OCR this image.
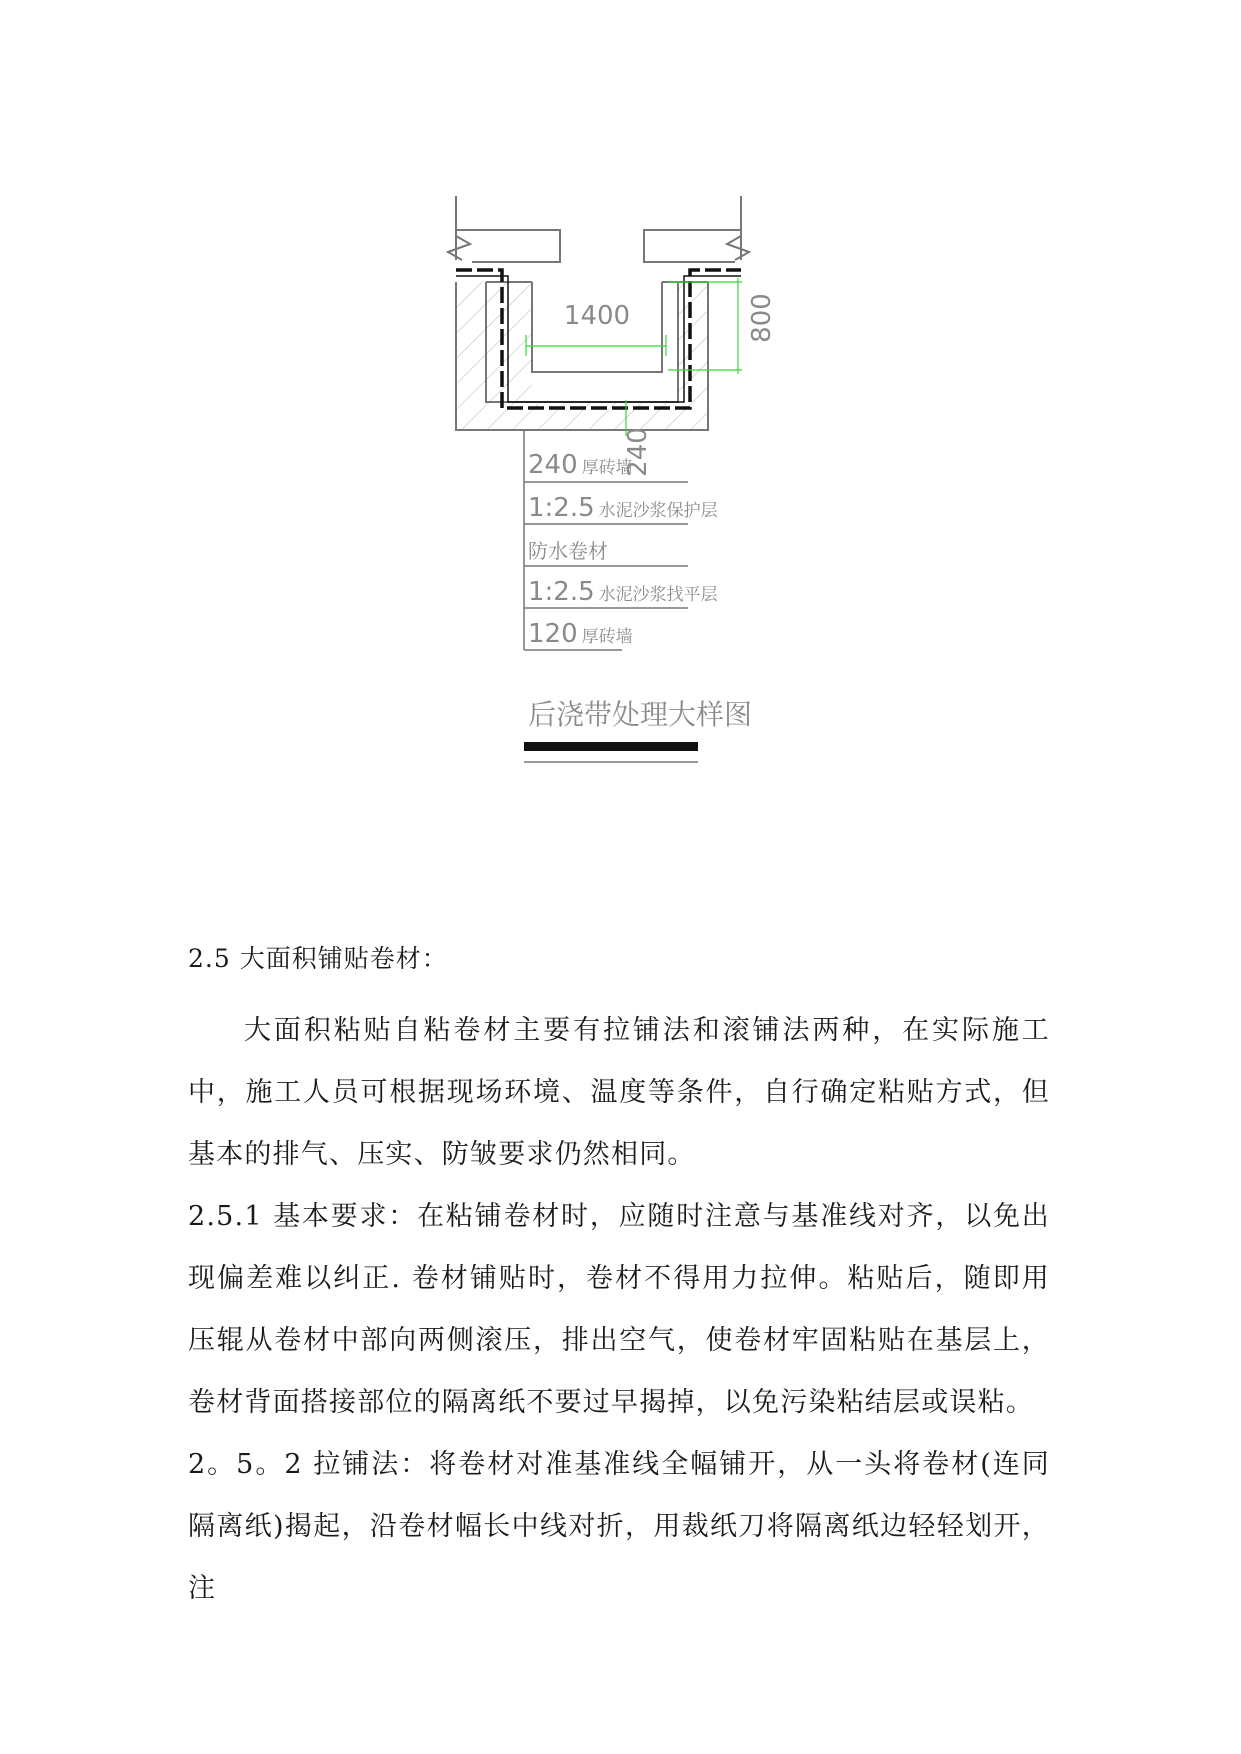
1400	800
240
240 厚砖墙
1:2.5 水泥沙浆保护层
防水卷材
1:2.5 水泥沙浆找平层
120 厚砖墙
后浇带处理大样图
2.5 大面积铺贴卷材：

大面积粘贴自粘卷材主要有拉铺法和滚铺法两种，在实际施工中，施工人员可根据现场环境、温度等条件，自行确定粘贴方式，但基本的排气、压实、防皱要求仍然相同。

2.5.1 基本要求：在粘铺卷材时，应随时注意与基准线对齐，以免出现偏差难以纠正. 卷材铺贴时，卷材不得用力拉伸。粘贴后，随即用压辊从卷材中部向两侧滚压，排出空气，使卷材牢固粘贴在基层上，卷材背面搭接部位的隔离纸不要过早揭掉，以免污染粘结层或误粘。

2。5。2 拉铺法：将卷材对准基准线全幅铺开，从一头将卷材(连同隔离纸)揭起，沿卷材幅长中线对折，用裁纸刀将隔离纸边轻轻划开，注
